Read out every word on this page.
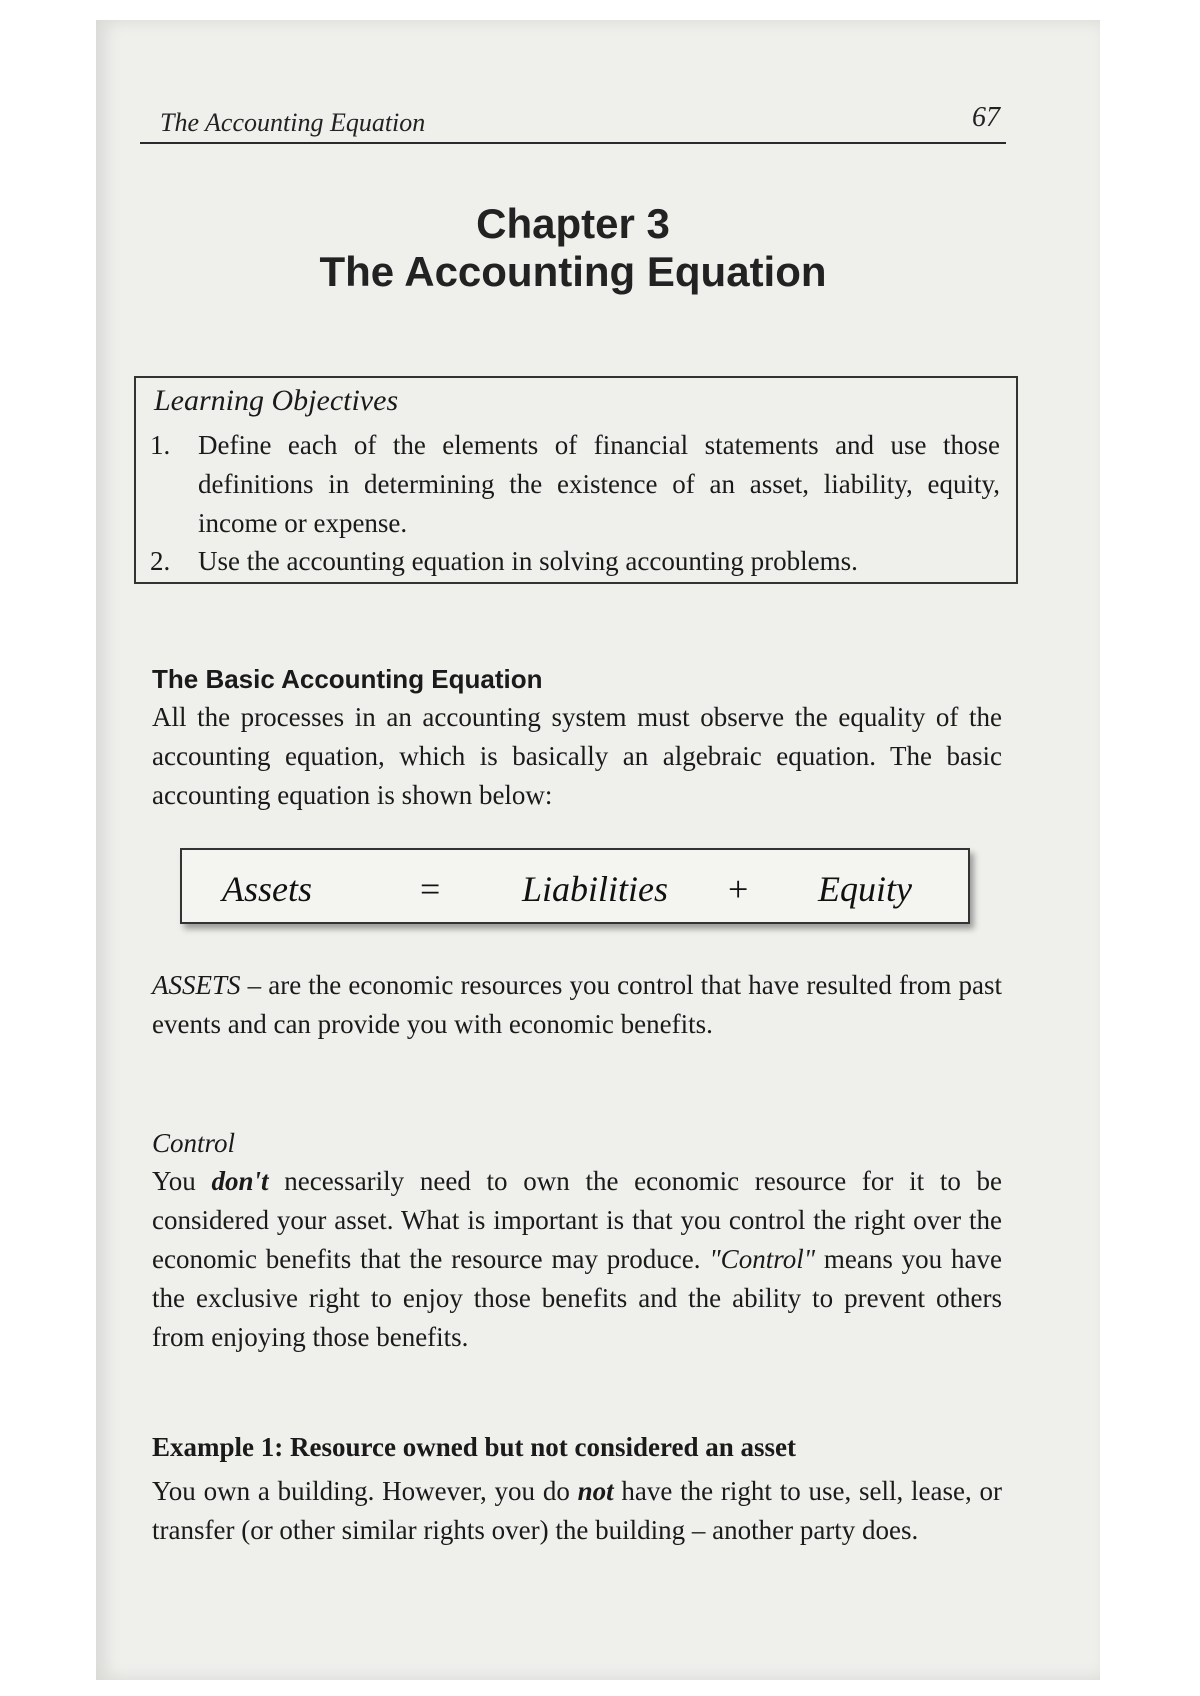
The Accounting Equation	67
Chapter 3
The Accounting Equation
Learning Objectives
1.	Define each of the elements of financial statements and use those definitions in determining the existence of an asset, liability, equity, income or expense.
2.	Use the accounting equation in solving accounting problems.
The Basic Accounting Equation

All the processes in an accounting system must observe the equality of the accounting equation, which is basically an algebraic equation. The basic accounting equation is shown below:

Assets	= Liabilities + Equity

ASSETS – are the economic resources you control that have resulted from past events and can provide you with economic benefits.

Control

You don't necessarily need to own the economic resource for it to be considered your asset. What is important is that you control the right over the economic benefits that the resource may produce. "Control" means you have the exclusive right to enjoy those benefits and the ability to prevent others from enjoying those benefits.

Example 1: Resource owned but not considered an asset

You own a building. However, you do not have the right to use, sell, lease, or transfer (or other similar rights over) the building – another party does.
